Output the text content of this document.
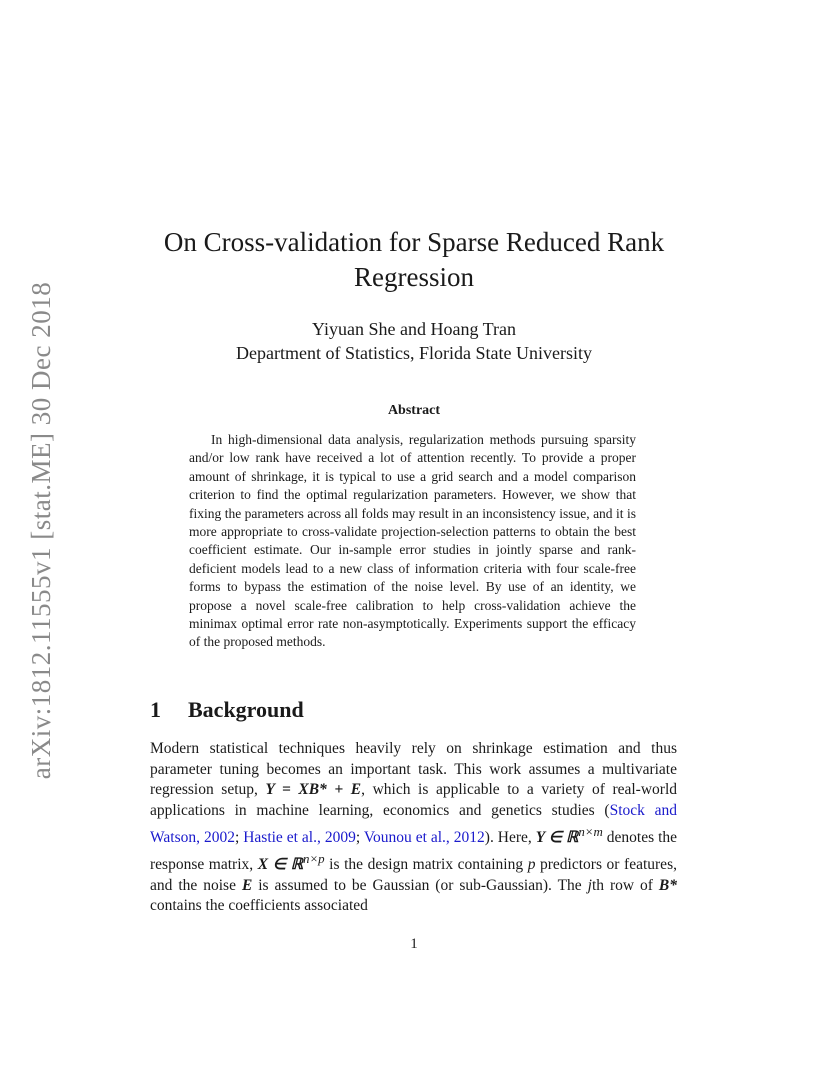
arXiv:1812.11555v1 [stat.ME] 30 Dec 2018
On Cross-validation for Sparse Reduced Rank Regression
Yiyuan She and Hoang Tran
Department of Statistics, Florida State University
Abstract

In high-dimensional data analysis, regularization methods pursuing sparsity and/or low rank have received a lot of attention recently. To provide a proper amount of shrinkage, it is typical to use a grid search and a model comparison criterion to find the optimal regularization parameters. However, we show that fixing the parameters across all folds may result in an inconsistency issue, and it is more appropriate to cross-validate projection-selection patterns to obtain the best coefficient estimate. Our in-sample error studies in jointly sparse and rank-deficient models lead to a new class of information criteria with four scale-free forms to bypass the estimation of the noise level. By use of an identity, we propose a novel scale-free calibration to help cross-validation achieve the minimax optimal error rate non-asymptotically. Experiments support the efficacy of the proposed methods.

1 Background

Modern statistical techniques heavily rely on shrinkage estimation and thus parameter tuning becomes an important task. This work assumes a multivariate regression setup, Y = XB* + E, which is applicable to a variety of real-world applications in machine learning, economics and genetics studies (Stock and Watson, 2002; Hastie et al., 2009; Vounou et al., 2012). Here, Y ∈ ℝ$^{n\times m}$ denotes the response matrix, X ∈ ℝ$^{n\times p}$ is the design matrix containing p predictors or features, and the noise E is assumed to be Gaussian (or sub-Gaussian). The jth row of B* contains the coefficients associated

1
